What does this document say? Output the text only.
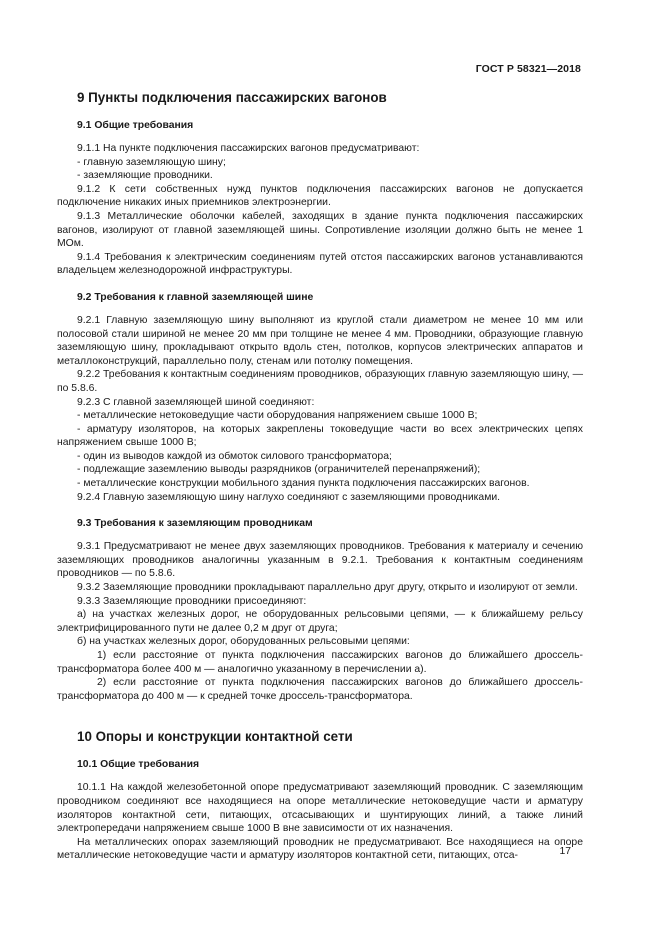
ГОСТ Р 58321—2018
9 Пункты подключения пассажирских вагонов
9.1 Общие требования

9.1.1 На пункте подключения пассажирских вагонов предусматривают:

- главную заземляющую шину;

- заземляющие проводники.

9.1.2 К сети собственных нужд пунктов подключения пассажирских вагонов не допускается подключение никаких иных приемников электроэнергии.

9.1.3 Металлические оболочки кабелей, заходящих в здание пункта подключения пассажирских вагонов, изолируют от главной заземляющей шины. Сопротивление изоляции должно быть не менее 1 МОм.

9.1.4 Требования к электрическим соединениям путей отстоя пассажирских вагонов устанавливаются владельцем железнодорожной инфраструктуры.

9.2 Требования к главной заземляющей шине

9.2.1 Главную заземляющую шину выполняют из круглой стали диаметром не менее 10 мм или полосовой стали шириной не менее 20 мм при толщине не менее 4 мм. Проводники, образующие главную заземляющую шину, прокладывают открыто вдоль стен, потолков, корпусов электрических аппаратов и металлоконструкций, параллельно полу, стенам или потолку помещения.

9.2.2 Требования к контактным соединениям проводников, образующих главную заземляющую шину, — по 5.8.6.

9.2.3 С главной заземляющей шиной соединяют:

- металлические нетоковедущие части оборудования напряжением свыше 1000 В;

- арматуру изоляторов, на которых закреплены токоведущие части во всех электрических цепях напряжением свыше 1000 В;

- один из выводов каждой из обмоток силового трансформатора;

- подлежащие заземлению выводы разрядников (ограничителей перенапряжений);

- металлические конструкции мобильного здания пункта подключения пассажирских вагонов.

9.2.4 Главную заземляющую шину наглухо соединяют с заземляющими проводниками.

9.3 Требования к заземляющим проводникам

9.3.1 Предусматривают не менее двух заземляющих проводников. Требования к материалу и сечению заземляющих проводников аналогичны указанным в 9.2.1. Требования к контактным соединениям проводников — по 5.8.6.

9.3.2 Заземляющие проводники прокладывают параллельно друг другу, открыто и изолируют от земли.

9.3.3 Заземляющие проводники присоединяют:

а) на участках железных дорог, не оборудованных рельсовыми цепями, — к ближайшему рельсу электрифицированного пути не далее 0,2 м друг от друга;

б) на участках железных дорог, оборудованных рельсовыми цепями:

1) если расстояние от пункта подключения пассажирских вагонов до ближайшего дроссель-трансформатора более 400 м — аналогично указанному в перечислении а).

2) если расстояние от пункта подключения пассажирских вагонов до ближайшего дроссель-трансформатора до 400 м — к средней точке дроссель-трансформатора.

10 Опоры и конструкции контактной сети
10.1 Общие требования

10.1.1 На каждой железобетонной опоре предусматривают заземляющий проводник. С заземляющим проводником соединяют все находящиеся на опоре металлические нетоковедущие части и арматуру изоляторов контактной сети, питающих, отсасывающих и шунтирующих линий, а также линий электропередачи напряжением свыше 1000 В вне зависимости от их назначения.

На металлических опорах заземляющий проводник не предусматривают. Все находящиеся на опоре металлические нетоковедущие части и арматуру изоляторов контактной сети, питающих, отса-	17
